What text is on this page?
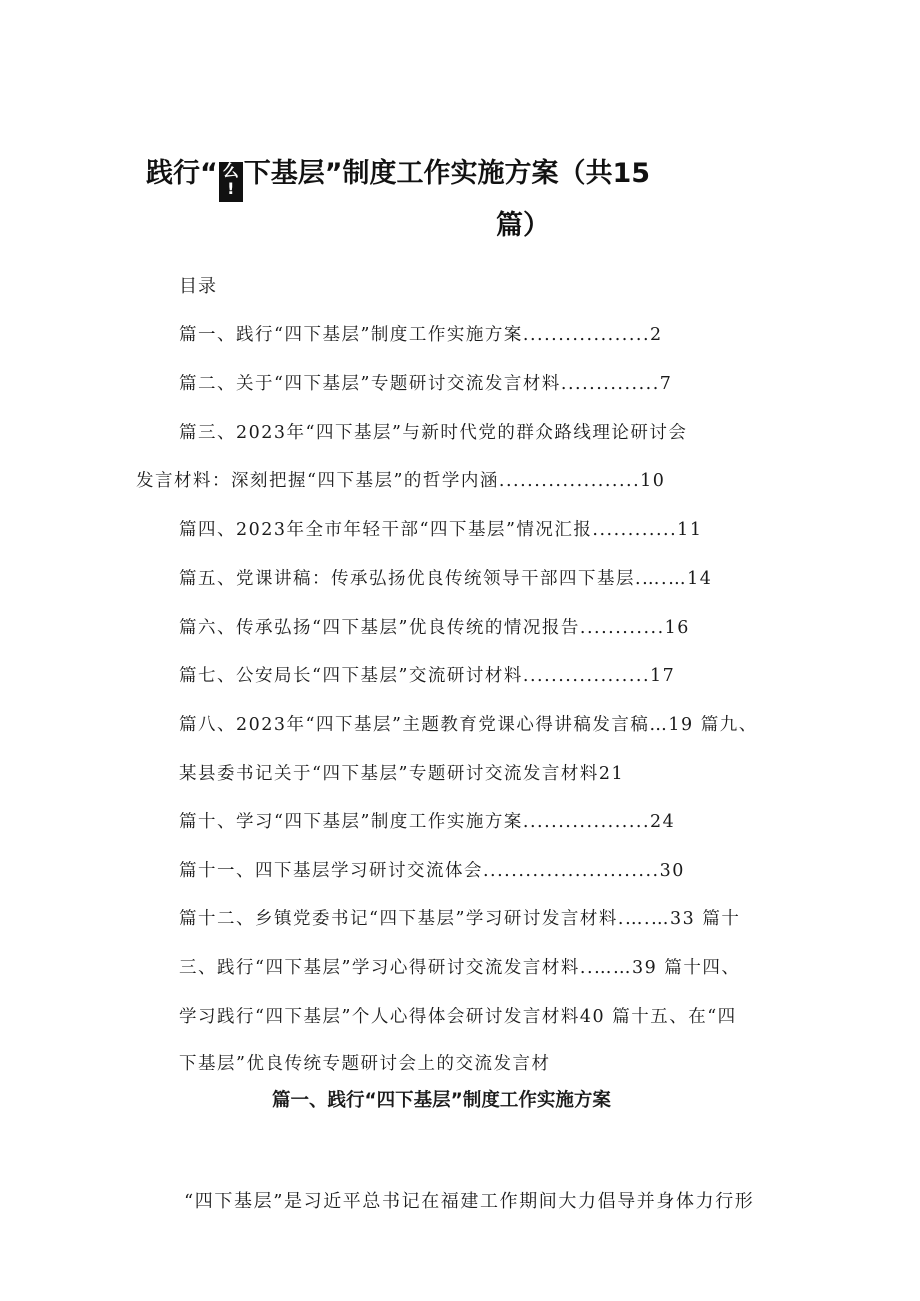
践行“ 么
! 下基层”制度工作实施方案（共15
篇）
目录
篇一、践行“四下基层”制度工作实施方案..................2
篇二、关于“四下基层”专题研讨交流发言材料..............7
篇三、2023年“四下基层”与新时代党的群众路线理论研讨会
发言材料：深刻把握“四下基层”的哲学内涵....................10
篇四、2023年全市年轻干部“四下基层”情况汇报............11
篇五、党课讲稿：传承弘扬优良传统领导干部四下基层.….…14
篇六、传承弘扬“四下基层”优良传统的情况报告............16
篇七、公安局长“四下基层”交流研讨材料..................17
篇八、2023年“四下基层”主题教育党课心得讲稿发言稿…19 篇九、
某县委书记关于“四下基层”专题研讨交流发言材料21
篇十、学习“四下基层”制度工作实施方案..................24
篇十一、四下基层学习研讨交流体会.........................30
篇十二、乡镇党委书记“四下基层”学习研讨发言材料.….…33 篇十
三、践行“四下基层”学习心得研讨交流发言材料..……39 篇十四、
学习践行“四下基层”个人心得体会研讨发言材料40 篇十五、在“四
下基层”优良传统专题研讨会上的交流发言材
篇一、践行“四下基层”制度工作实施方案
“四下基层”是习近平总书记在福建工作期间大力倡导并身体力行形
